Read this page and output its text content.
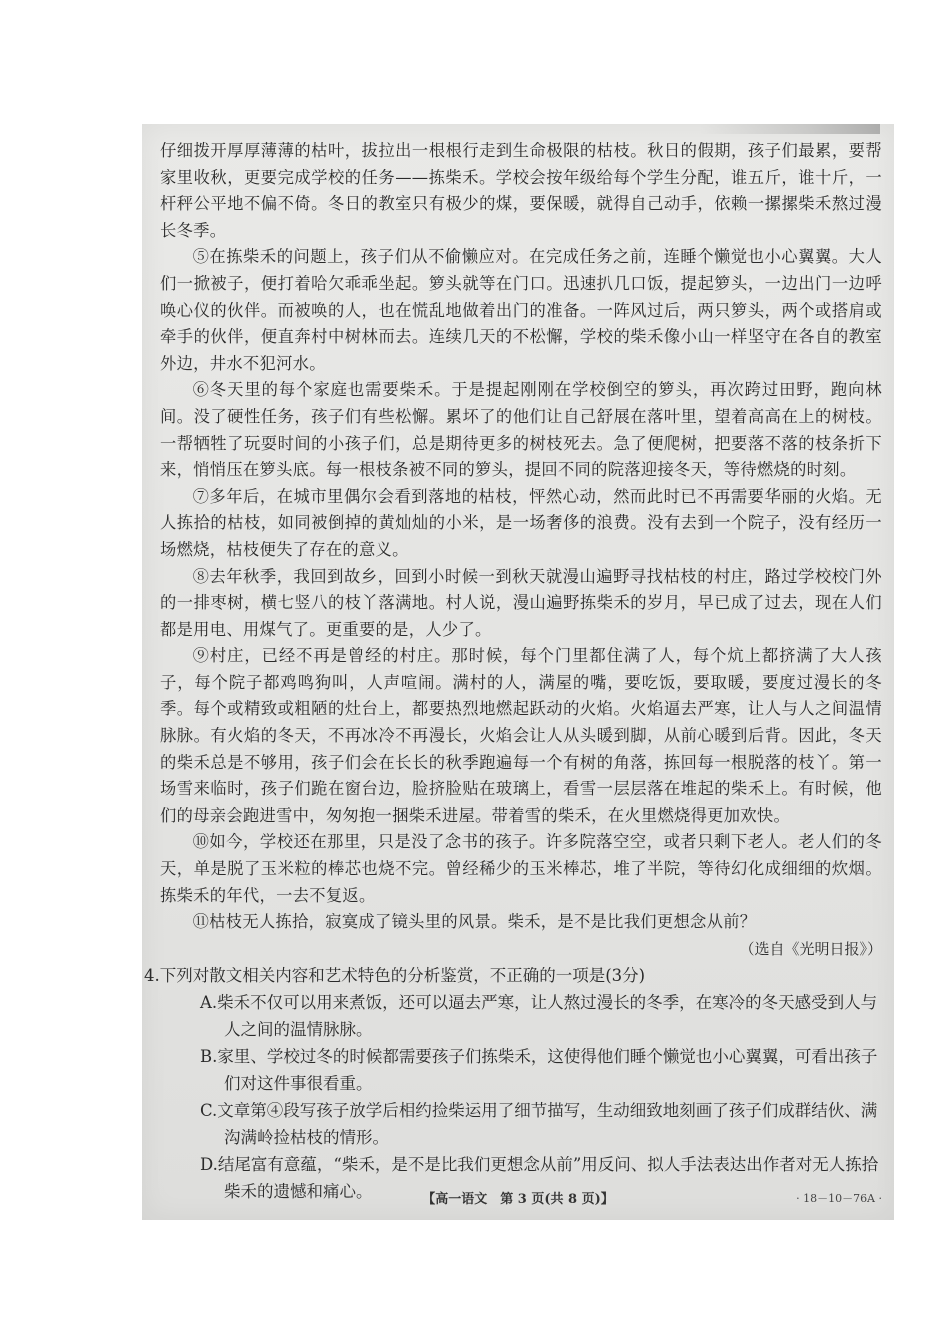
仔细拨开厚厚薄薄的枯叶，拔拉出一根根行走到生命极限的枯枝。秋日的假期，孩子们最累，要帮家里收秋，更要完成学校的任务——拣柴禾。学校会按年级给每个学生分配，谁五斤，谁十斤，一杆秤公平地不偏不倚。冬日的教室只有极少的煤，要保暖，就得自己动手，依赖一摞摞柴禾熬过漫长冬季。

⑤在拣柴禾的问题上，孩子们从不偷懒应对。在完成任务之前，连睡个懒觉也小心翼翼。大人们一掀被子，便打着哈欠乖乖坐起。箩头就等在门口。迅速扒几口饭，提起箩头，一边出门一边呼唤心仪的伙伴。而被唤的人，也在慌乱地做着出门的准备。一阵风过后，两只箩头，两个或搭肩或牵手的伙伴，便直奔村中树林而去。连续几天的不松懈，学校的柴禾像小山一样坚守在各自的教室外边，井水不犯河水。

⑥冬天里的每个家庭也需要柴禾。于是提起刚刚在学校倒空的箩头，再次跨过田野，跑向林间。没了硬性任务，孩子们有些松懈。累坏了的他们让自己舒展在落叶里，望着高高在上的树枝。一帮牺牲了玩耍时间的小孩子们，总是期待更多的树枝死去。急了便爬树，把要落不落的枝条折下来，悄悄压在箩头底。每一根枝条被不同的箩头，提回不同的院落迎接冬天，等待燃烧的时刻。

⑦多年后，在城市里偶尔会看到落地的枯枝，怦然心动，然而此时已不再需要华丽的火焰。无人拣拾的枯枝，如同被倒掉的黄灿灿的小米，是一场奢侈的浪费。没有去到一个院子，没有经历一场燃烧，枯枝便失了存在的意义。

⑧去年秋季，我回到故乡，回到小时候一到秋天就漫山遍野寻找枯枝的村庄，路过学校校门外的一排枣树，横七竖八的枝丫落满地。村人说，漫山遍野拣柴禾的岁月，早已成了过去，现在人们都是用电、用煤气了。更重要的是，人少了。

⑨村庄，已经不再是曾经的村庄。那时候，每个门里都住满了人，每个炕上都挤满了大人孩子，每个院子都鸡鸣狗叫，人声喧闹。满村的人，满屋的嘴，要吃饭，要取暖，要度过漫长的冬季。每个或精致或粗陋的灶台上，都要热烈地燃起跃动的火焰。火焰逼去严寒，让人与人之间温情脉脉。有火焰的冬天，不再冰冷不再漫长，火焰会让人从头暖到脚，从前心暖到后背。因此，冬天的柴禾总是不够用，孩子们会在长长的秋季跑遍每一个有树的角落，拣回每一根脱落的枝丫。第一场雪来临时，孩子们跪在窗台边，脸挤脸贴在玻璃上，看雪一层层落在堆起的柴禾上。有时候，他们的母亲会跑进雪中，匆匆抱一捆柴禾进屋。带着雪的柴禾，在火里燃烧得更加欢快。

⑩如今，学校还在那里，只是没了念书的孩子。许多院落空空，或者只剩下老人。老人们的冬天，单是脱了玉米粒的棒芯也烧不完。曾经稀少的玉米棒芯，堆了半院，等待幻化成细细的炊烟。拣柴禾的年代，一去不复返。

⑪枯枝无人拣拾，寂寞成了镜头里的风景。柴禾，是不是比我们更想念从前？

（选自《光明日报》）

4.下列对散文相关内容和艺术特色的分析鉴赏，不正确的一项是(3分)

A.柴禾不仅可以用来煮饭，还可以逼去严寒，让人熬过漫长的冬季，在寒冷的冬天感受到人与人之间的温情脉脉。

B.家里、学校过冬的时候都需要孩子们拣柴禾，这使得他们睡个懒觉也小心翼翼，可看出孩子们对这件事很看重。

C.文章第④段写孩子放学后相约捡柴运用了细节描写，生动细致地刻画了孩子们成群结伙、满沟满岭捡枯枝的情形。

D.结尾富有意蕴，“柴禾，是不是比我们更想念从前”用反问、拟人手法表达出作者对无人拣拾柴禾的遗憾和痛心。	【高一语文　第 3 页(共 8 页)】	· 18－10－76A ·
